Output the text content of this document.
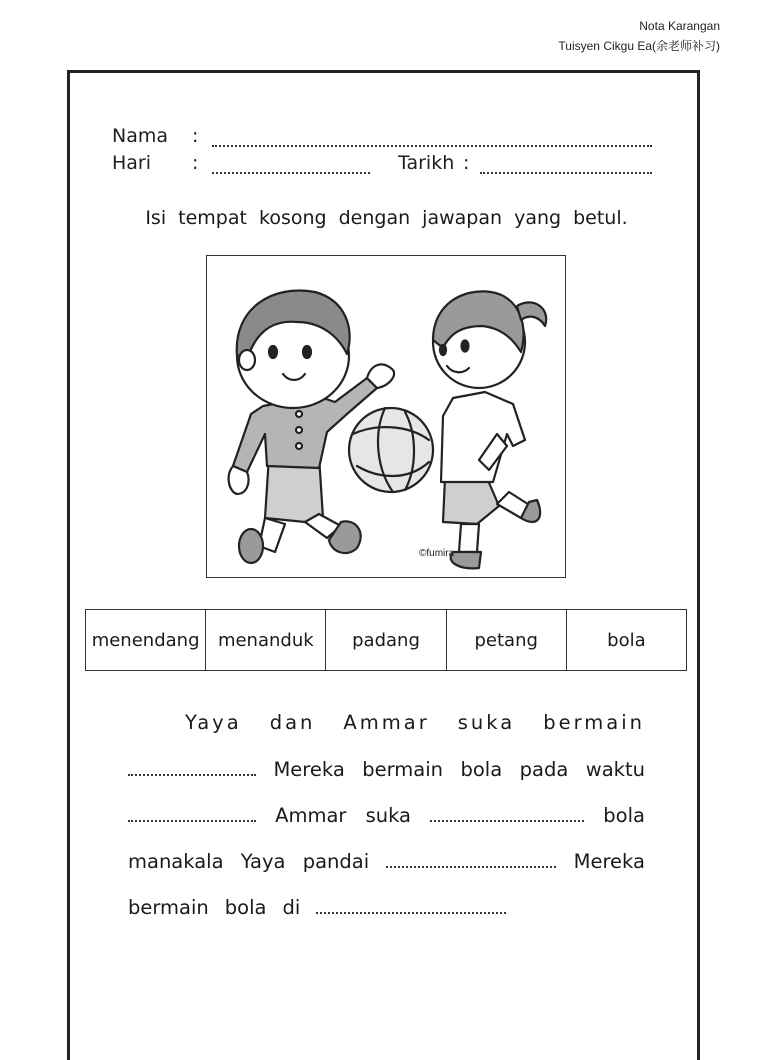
Nota Karangan
Tuisyen Cikgu Ea(余老师补习)
Nama :
Hari :	Tarikh :
Isi tempat kosong dengan jawapan yang betul.
©fumira
menendang	menanduk	padang	petang	bola
Yaya dan Ammar suka bermain
Mereka bermain bola pada waktu
Ammar suka	bola
manakala Yaya pandai	Mereka
bermain bola di
